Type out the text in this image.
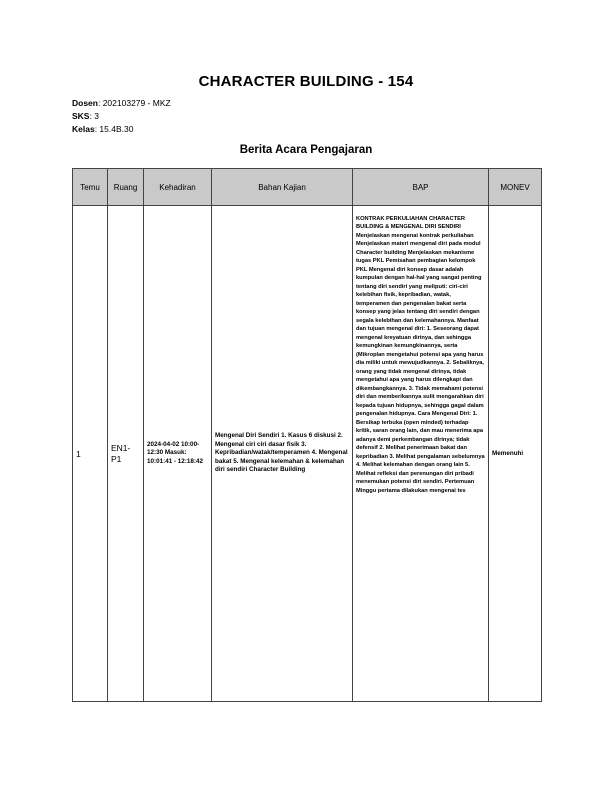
CHARACTER BUILDING - 154
Dosen: 202103279 - MKZ
SKS: 3
Kelas: 15.4B.30
Berita Acara Pengajaran
Temu	Ruang	Kehadiran	Bahan Kajian	BAP	MONEV
1	EN1-P1	2024-04-02 10:00-12:30 Masuk: 10:01:41 - 12:18:42	Mengenal Diri Sendiri 1. Kasus 6 diskusi 2. Mengenal ciri ciri dasar fisik 3. Kepribadian/watak/temperamen 4. Mengenal bakat 5. Mengenal kelemahan & kelemahan diri sendiri Character Building	KONTRAK PERKULIAHAN CHARACTER BUILDING & MENGENAL DIRI SENDIRI Menjelaskan mengenai kontrak perkuliahan Menjelaskan materi mengenal diri pada modul Character building Menjelaskan mekanisme tugas PKL Pemisahan pembagian kelompok PKL Mengenal diri konsep dasar adalah kumpulan dengan hal-hal yang sangat penting tentang diri sendiri yang meliputi: ciri-ciri kelebihan fisik, kepribadian, watak, temperamen dan pengenalan bakat serta konsep yang jelas tentang diri sendiri dengan segala kelebihan dan kelemahannya. Manfaat dan tujuan mengenal diri: 1. Seseorang dapat mengenal kreyatuan dirinya, dan sehingga kemungkinan kemungkinannya, serta (Mikroplan mengetahui potensi apa yang harus dia miliki untuk mewujudkannya. 2. Sebaliknya, orang yang tidak mengenal dirinya, tidak mengetahui apa yang harus dilengkapi dan dikembangkannya. 3. Tidak memahami potensi diri dan memberikannya sulit mengarahkan diri kepada tujuan hidupnya, sehingga gagal dalam pengenalan hidupnya. Cara Mengenal Diri: 1. Bersikap terbuka (open minded) terhadap kritik, saran orang lain, dan mau menerima apa adanya demi perkembangan dirinya; tidak defensif 2. Melihat penerimaan bakat dan kepribadian 3. Melihat pengalaman sebelumnya 4. Melihat kelemahan dengan orang lain 5. Melihat refleksi dan perenungan diri pribadi menemukan potensi diri sendiri. Pertemuan Minggu pertama dilakukan mengenai tes	Memenuhi
